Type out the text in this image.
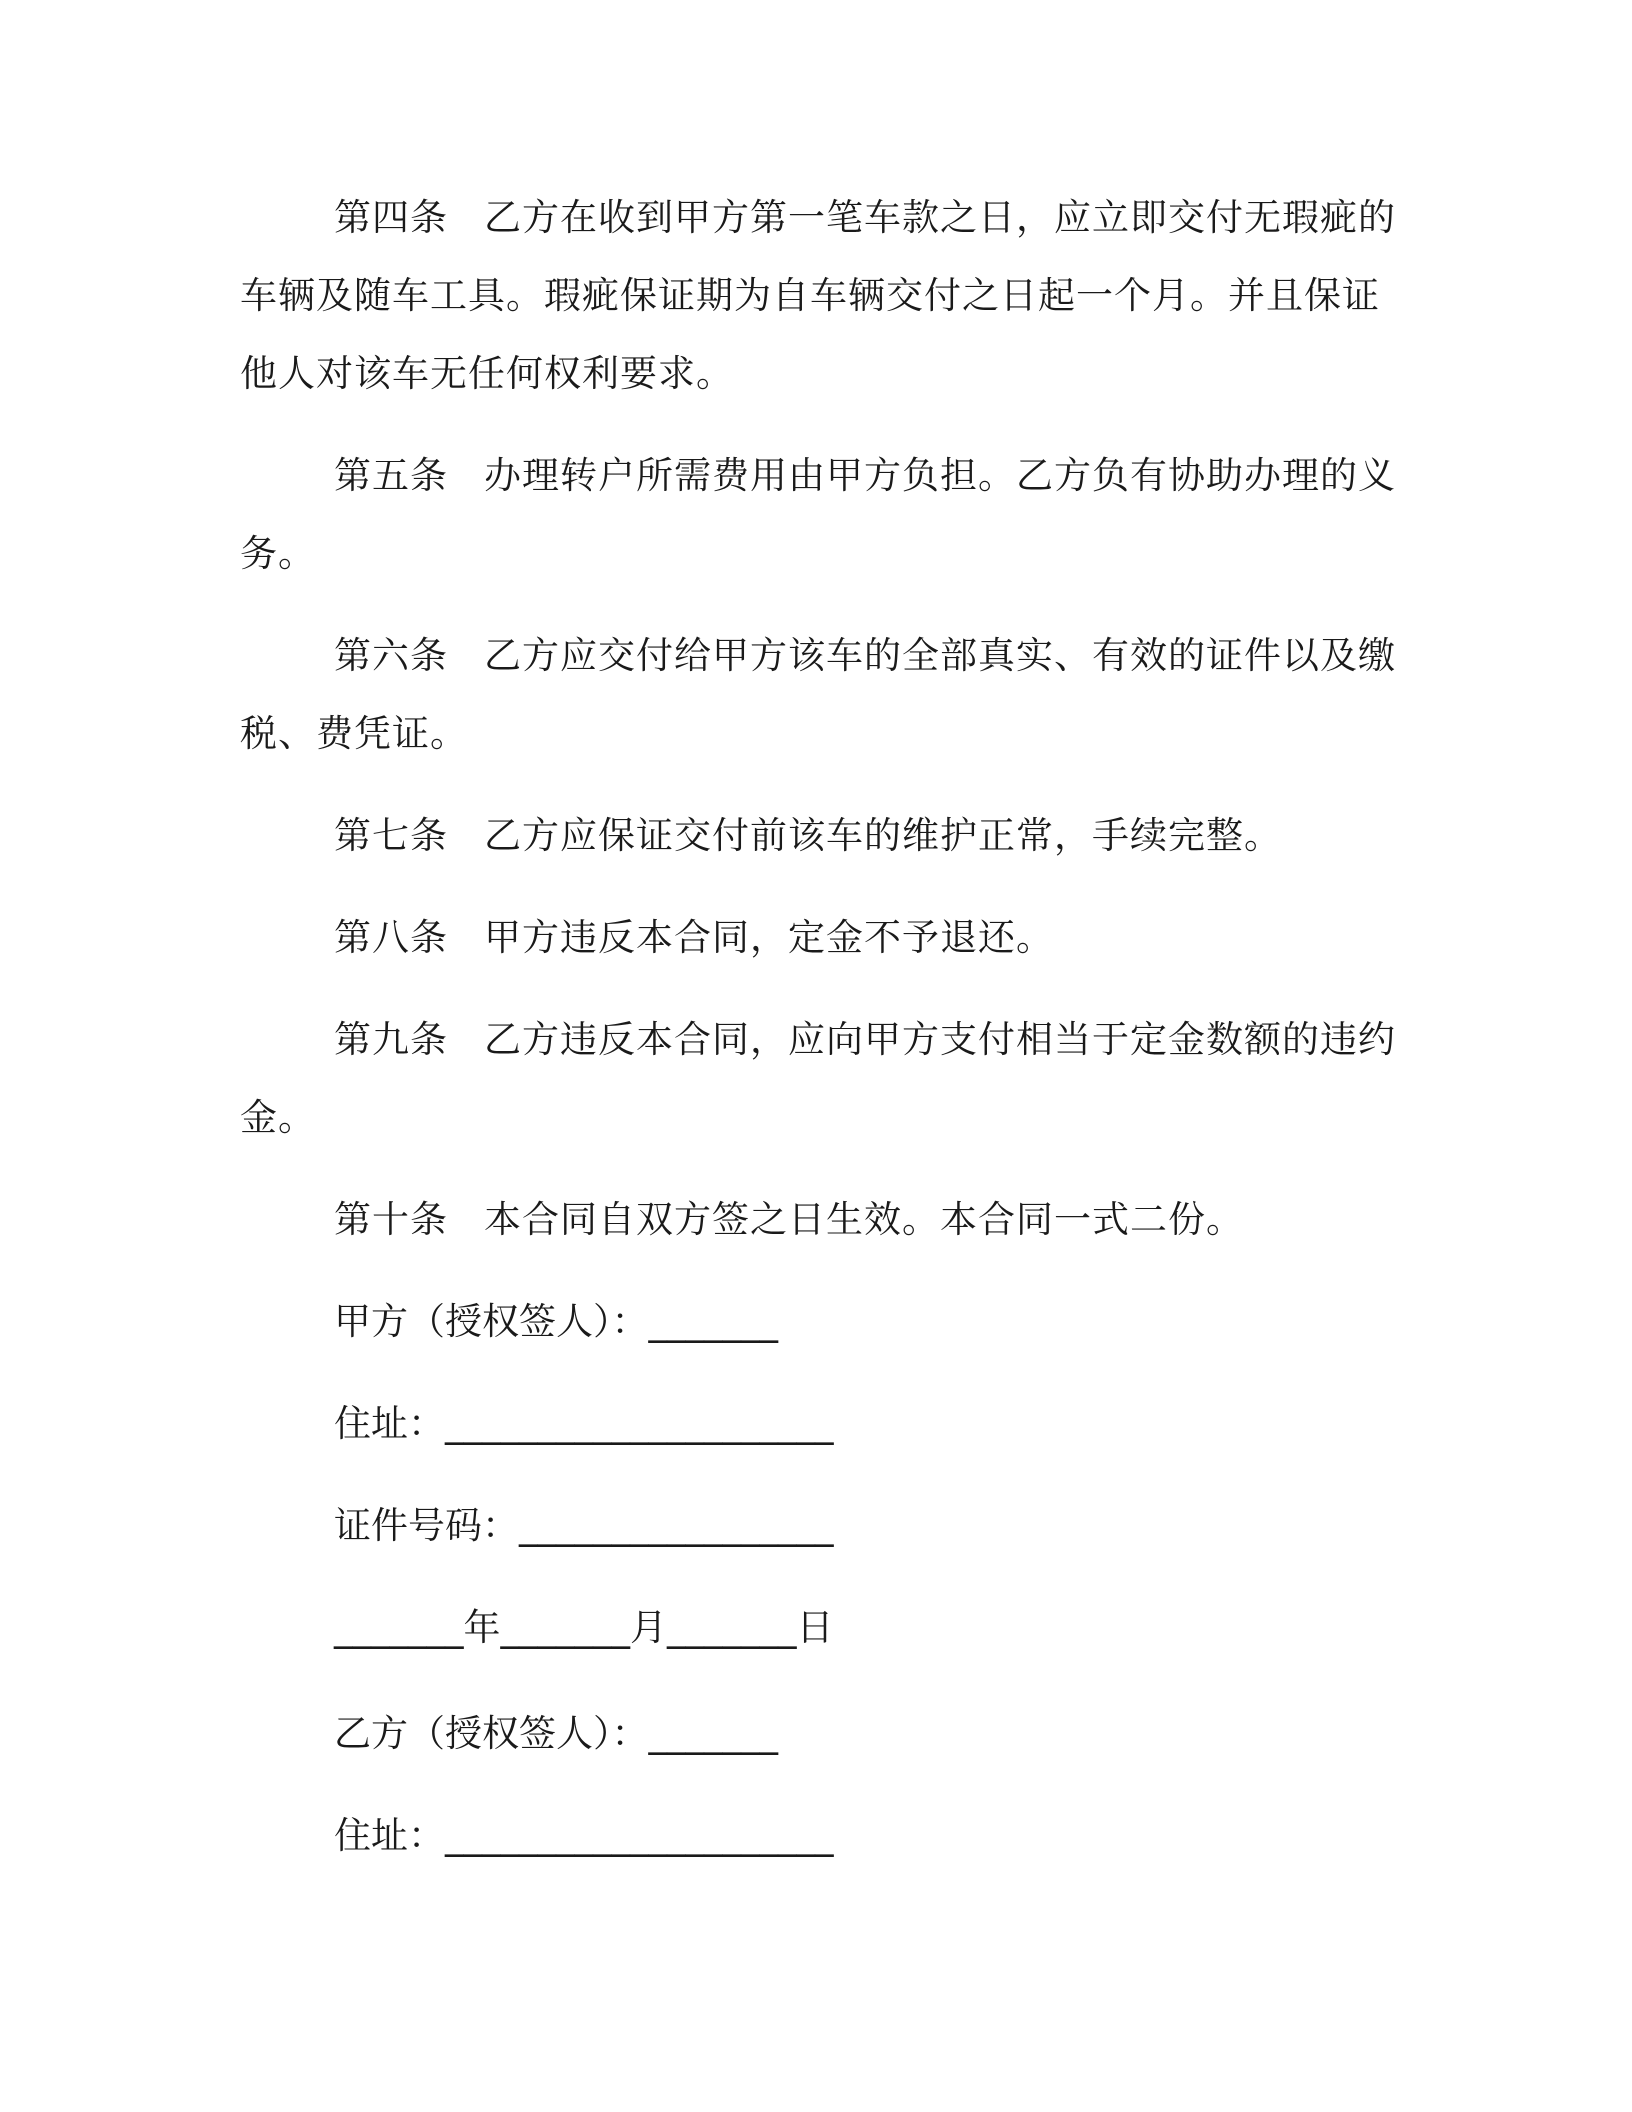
第四条 乙方在收到甲方第一笔车款之日，应立即交付无瑕疵的
车辆及随车工具。瑕疵保证期为自车辆交付之日起一个月。并且保证
他人对该车无任何权利要求。
第五条 办理转户所需费用由甲方负担。乙方负有协助办理的义
务。
第六条 乙方应交付给甲方该车的全部真实、有效的证件以及缴
税、费凭证。
第七条 乙方应保证交付前该车的维护正常，手续完整。
第八条 甲方违反本合同，定金不予退还。
第九条 乙方违反本合同，应向甲方支付相当于定金数额的违约
金。
第十条 本合同自双方签之日生效。本合同一式二份。
甲方（授权签人）：_______
住址：_____________________
证件号码：_________________
_______年_______月_______日
乙方（授权签人）：_______
住址：_____________________
